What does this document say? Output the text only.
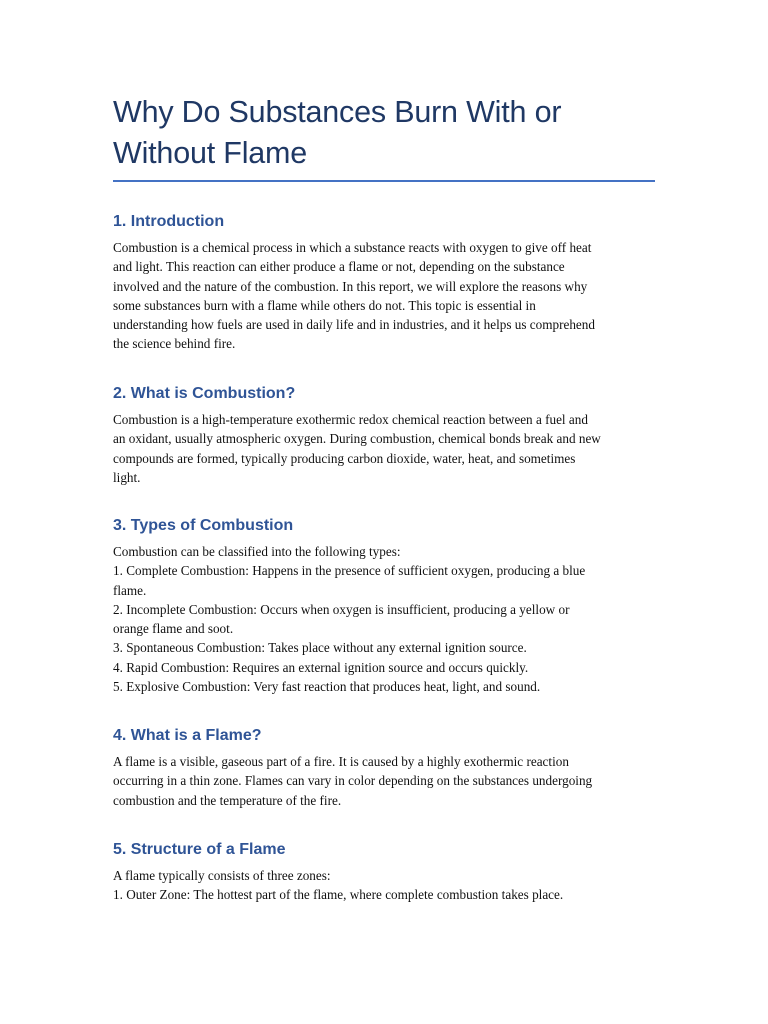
Why Do Substances Burn With or
Without Flame
1. Introduction

Combustion is a chemical process in which a substance reacts with oxygen to give off heat
and light. This reaction can either produce a flame or not, depending on the substance
involved and the nature of the combustion. In this report, we will explore the reasons why
some substances burn with a flame while others do not. This topic is essential in
understanding how fuels are used in daily life and in industries, and it helps us comprehend
the science behind fire.

2. What is Combustion?

Combustion is a high-temperature exothermic redox chemical reaction between a fuel and
an oxidant, usually atmospheric oxygen. During combustion, chemical bonds break and new
compounds are formed, typically producing carbon dioxide, water, heat, and sometimes
light.

3. Types of Combustion

Combustion can be classified into the following types:
1. Complete Combustion: Happens in the presence of sufficient oxygen, producing a blue
flame.
2. Incomplete Combustion: Occurs when oxygen is insufficient, producing a yellow or
orange flame and soot.
3. Spontaneous Combustion: Takes place without any external ignition source.
4. Rapid Combustion: Requires an external ignition source and occurs quickly.
5. Explosive Combustion: Very fast reaction that produces heat, light, and sound.

4. What is a Flame?

A flame is a visible, gaseous part of a fire. It is caused by a highly exothermic reaction
occurring in a thin zone. Flames can vary in color depending on the substances undergoing
combustion and the temperature of the fire.

5. Structure of a Flame

A flame typically consists of three zones:
1. Outer Zone: The hottest part of the flame, where complete combustion takes place.
